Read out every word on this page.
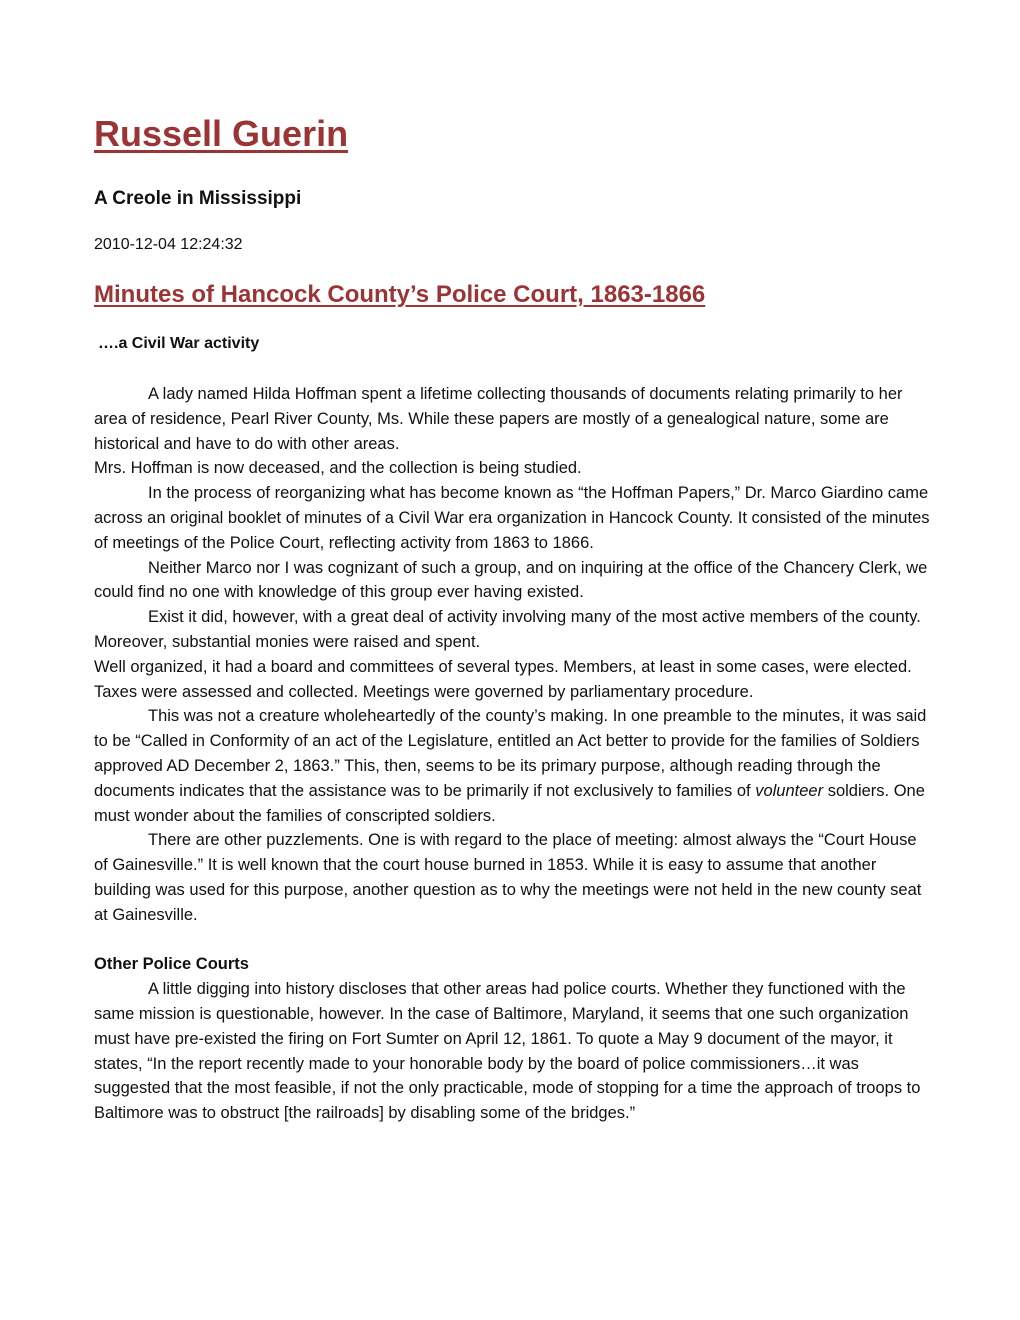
Russell Guerin
A Creole in Mississippi
2010-12-04 12:24:32
Minutes of Hancock County’s Police Court, 1863-1866
….a Civil War activity

A lady named Hilda Hoffman spent a lifetime collecting thousands of documents relating primarily to her area of residence, Pearl River County, Ms. While these papers are mostly of a genealogical nature, some are historical and have to do with other areas.

Mrs. Hoffman is now deceased, and the collection is being studied.

In the process of reorganizing what has become known as “the Hoffman Papers,” Dr. Marco Giardino came across an original booklet of minutes of a Civil War era organization in Hancock County. It consisted of the minutes of meetings of the Police Court, reflecting activity from 1863 to 1866.

Neither Marco nor I was cognizant of such a group, and on inquiring at the office of the Chancery Clerk, we could find no one with knowledge of this group ever having existed.

Exist it did, however, with a great deal of activity involving many of the most active members of the county. Moreover, substantial monies were raised and spent.

Well organized, it had a board and committees of several types. Members, at least in some cases, were elected. Taxes were assessed and collected. Meetings were governed by parliamentary procedure.

This was not a creature wholeheartedly of the county’s making. In one preamble to the minutes, it was said to be “Called in Conformity of an act of the Legislature, entitled an Act better to provide for the families of Soldiers approved AD December 2, 1863.” This, then, seems to be its primary purpose, although reading through the documents indicates that the assistance was to be primarily if not exclusively to families of volunteer soldiers. One must wonder about the families of conscripted soldiers.

There are other puzzlements. One is with regard to the place of meeting: almost always the “Court House of Gainesville.” It is well known that the court house burned in 1853. While it is easy to assume that another building was used for this purpose, another question as to why the meetings were not held in the new county seat at Gainesville.

Other Police Courts

A little digging into history discloses that other areas had police courts. Whether they functioned with the same mission is questionable, however. In the case of Baltimore, Maryland, it seems that one such organization must have pre-existed the firing on Fort Sumter on April 12, 1861. To quote a May 9 document of the mayor, it states, “In the report recently made to your honorable body by the board of police commissioners…it was suggested that the most feasible, if not the only practicable, mode of stopping for a time the approach of troops to Baltimore was to obstruct [the railroads] by disabling some of the bridges.”
